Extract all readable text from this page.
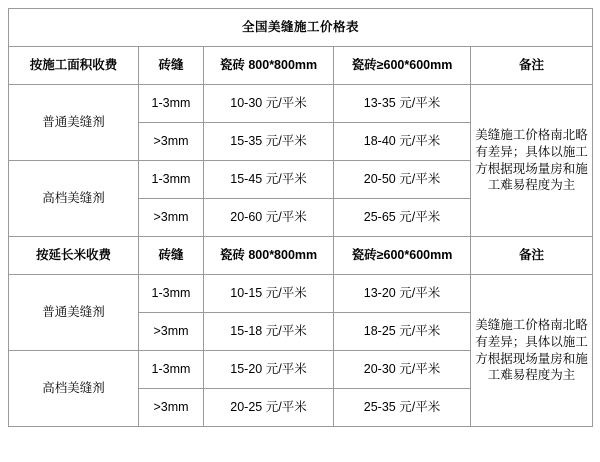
全国美缝施工价格表				
按施工面积收费	砖缝	瓷砖 800*800mm	瓷砖≥600*600mm	备注
普通美缝剂	1-3mm	10-30 元/平米	13-35 元/平米	美缝施工价格南北略有差异；具体以施工方根据现场量房和施工难易程度为主
	>3mm	15-35 元/平米	18-40 元/平米	
高档美缝剂	1-3mm	15-45 元/平米	20-50 元/平米	
	>3mm	20-60 元/平米	25-65 元/平米	
按延长米收费	砖缝	瓷砖 800*800mm	瓷砖≥600*600mm	备注
普通美缝剂	1-3mm	10-15 元/平米	13-20 元/平米	美缝施工价格南北略有差异；具体以施工方根据现场量房和施工难易程度为主
	>3mm	15-18 元/平米	18-25 元/平米	
高档美缝剂	1-3mm	15-20 元/平米	20-30 元/平米	
	>3mm	20-25 元/平米	25-35 元/平米	
